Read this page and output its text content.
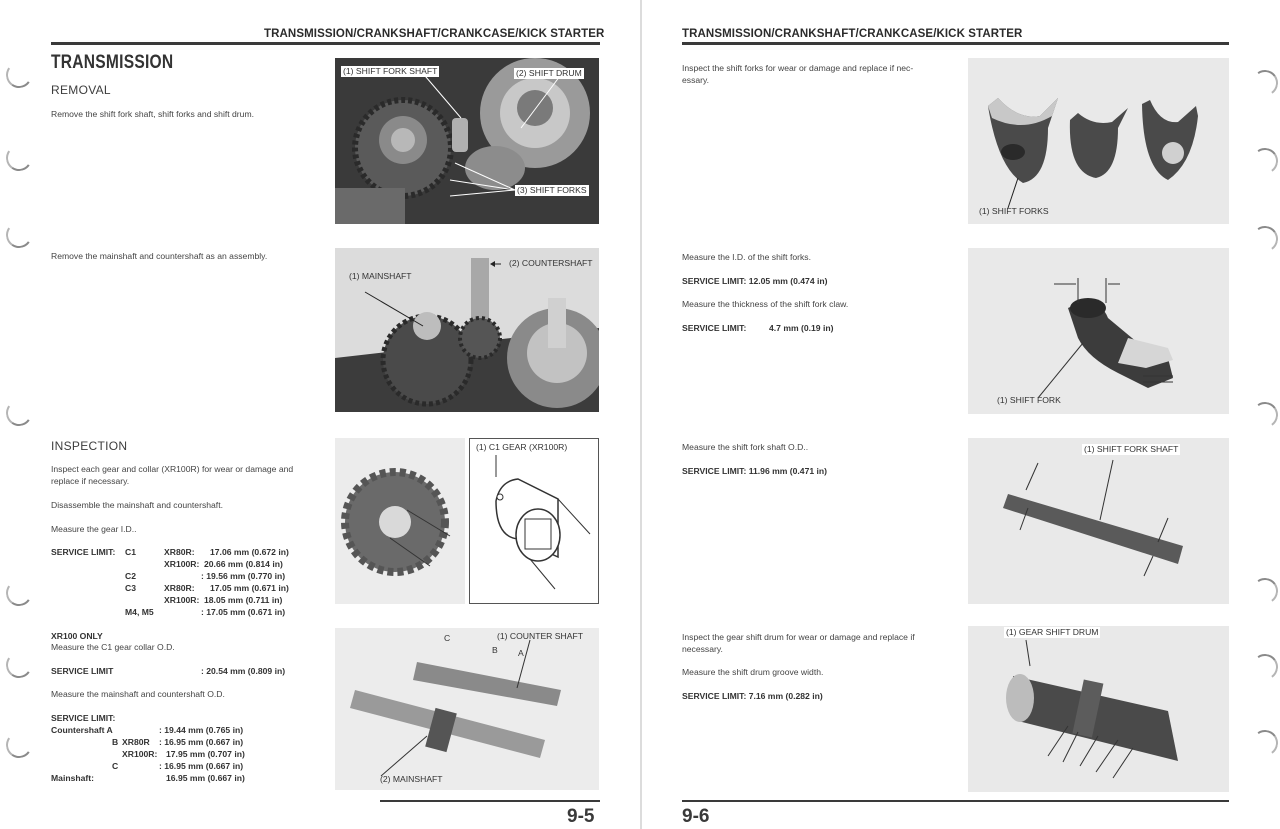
TRANSMISSION/CRANKSHAFT/CRANKCASE/KICK STARTER
TRANSMISSION
REMOVAL
Remove the shift fork shaft, shift forks and shift drum.
Remove the mainshaft and countershaft as an assembly.
INSPECTION
Inspect each gear and collar (XR100R) for wear or damage and
replace if necessary.
Disassemble the mainshaft and countershaft.
Measure the gear I.D..
SERVICE LIMIT: C1	XR80R: 17.06 mm (0.672 in)
XR100R: 20.66 mm (0.814 in)
C2	: 19.56 mm (0.770 in)
C3	XR80R: 17.05 mm (0.671 in)
XR100R: 18.05 mm (0.711 in)
M4, M5	: 17.05 mm (0.671 in)
XR100 ONLY
Measure the C1 gear collar O.D.
SERVICE LIMIT	: 20.54 mm (0.809 in)
Measure the mainshaft and countershaft O.D.
SERVICE LIMIT:
Countershaft A	: 19.44 mm (0.765 in)
B XR80R : 16.95 mm (0.667 in)
XR100R: 17.95 mm (0.707 in)
C	: 16.95 mm (0.667 in)
Mainshaft:	16.95 mm (0.667 in)
(1) SHIFT FORK SHAFT	(2) SHIFT DRUM
(3) SHIFT FORKS
(1) MAINSHAFT
(2) COUNTERSHAFT
(1) C1 GEAR (XR100R)
C
B A
(1) COUNTER SHAFT
(2) MAINSHAFT
9-5
TRANSMISSION/CRANKSHAFT/CRANKCASE/KICK STARTER
Inspect the shift forks for wear or damage and replace if nec-
essary.
Measure the I.D. of the shift forks.
SERVICE LIMIT: 12.05 mm (0.474 in)
Measure the thickness of the shift fork claw.
SERVICE LIMIT:	4.7 mm (0.19 in)
Measure the shift fork shaft O.D..
SERVICE LIMIT: 11.96 mm (0.471 in)
Inspect the gear shift drum for wear or damage and replace if
necessary.
Measure the shift drum groove width.
SERVICE LIMIT: 7.16 mm (0.282 in)
(1) SHIFT FORKS
(1) SHIFT FORK
(1) SHIFT FORK SHAFT
(1) GEAR SHIFT DRUM
9-6
